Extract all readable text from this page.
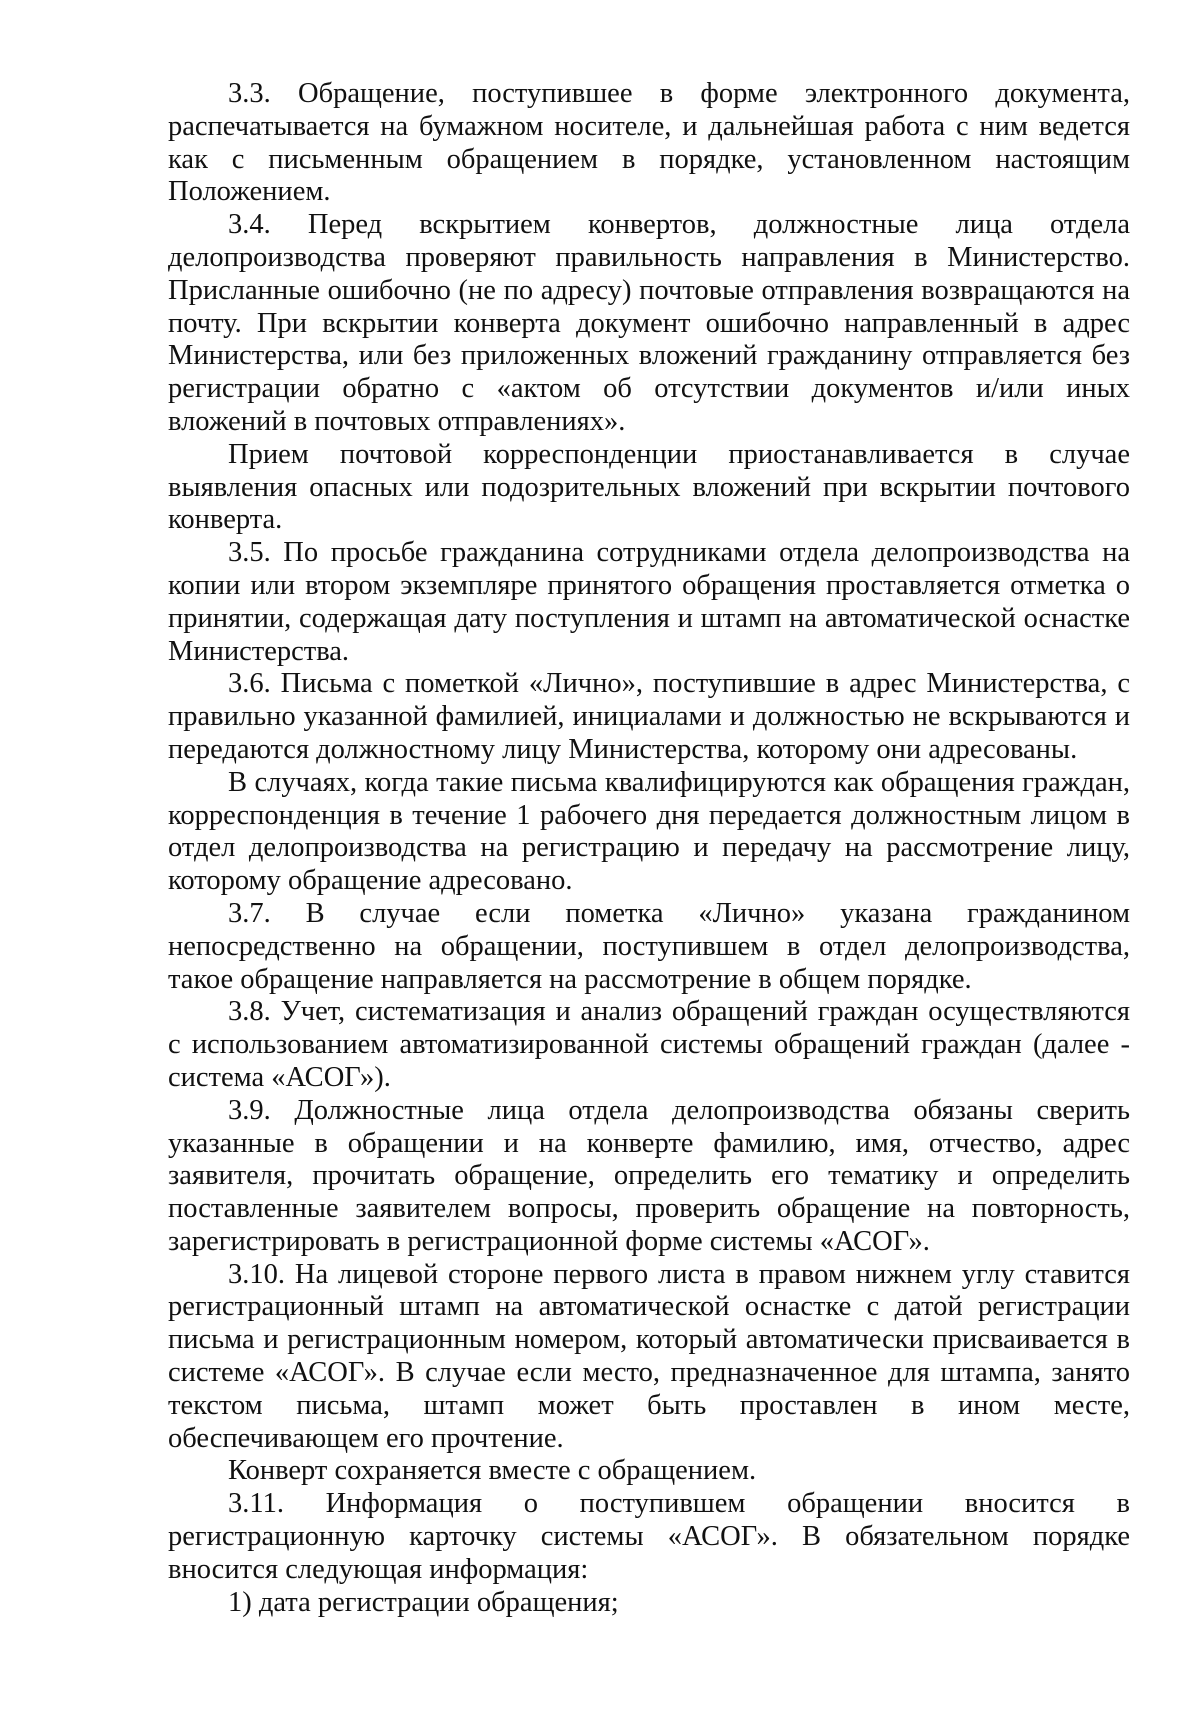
3.3. Обращение, поступившее в форме электронного документа, распечатывается на бумажном носителе, и дальнейшая работа с ним ведется как с письменным обращением в порядке, установленном настоящим Положением.

3.4. Перед вскрытием конвертов, должностные лица отдела делопроизводства проверяют правильность направления в Министерство. Присланные ошибочно (не по адресу) почтовые отправления возвращаются на почту. При вскрытии конверта документ ошибочно направленный в адрес Министерства, или без приложенных вложений гражданину отправляется без регистрации обратно с «актом об отсутствии документов и/или иных вложений в почтовых отправлениях».

Прием почтовой корреспонденции приостанавливается в случае выявления опасных или подозрительных вложений при вскрытии почтового конверта.

3.5. По просьбе гражданина сотрудниками отдела делопроизводства на копии или втором экземпляре принятого обращения проставляется отметка о принятии, содержащая дату поступления и штамп на автоматической оснастке Министерства.

3.6. Письма с пометкой «Лично», поступившие в адрес Министерства, с правильно указанной фамилией, инициалами и должностью не вскрываются и передаются должностному лицу Министерства, которому они адресованы.

В случаях, когда такие письма квалифицируются как обращения граждан, корреспонденция в течение 1 рабочего дня передается должностным лицом в отдел делопроизводства на регистрацию и передачу на рассмотрение лицу, которому обращение адресовано.

3.7. В случае если пометка «Лично» указана гражданином непосредственно на обращении, поступившем в отдел делопроизводства, такое обращение направляется на рассмотрение в общем порядке.

3.8. Учет, систематизация и анализ обращений граждан осуществляются с использованием автоматизированной системы обращений граждан (далее - система «АСОГ»).

3.9. Должностные лица отдела делопроизводства обязаны сверить указанные в обращении и на конверте фамилию, имя, отчество, адрес заявителя, прочитать обращение, определить его тематику и определить поставленные заявителем вопросы, проверить обращение на повторность, зарегистрировать в регистрационной форме системы «АСОГ».

3.10. На лицевой стороне первого листа в правом нижнем углу ставится регистрационный штамп на автоматической оснастке с датой регистрации письма и регистрационным номером, который автоматически присваивается в системе «АСОГ». В случае если место, предназначенное для штампа, занято текстом письма, штамп может быть проставлен в ином месте, обеспечивающем его прочтение.

Конверт сохраняется вместе с обращением.

3.11. Информация о поступившем обращении вносится в регистрационную карточку системы «АСОГ». В обязательном порядке вносится следующая информация:

1) дата регистрации обращения;
